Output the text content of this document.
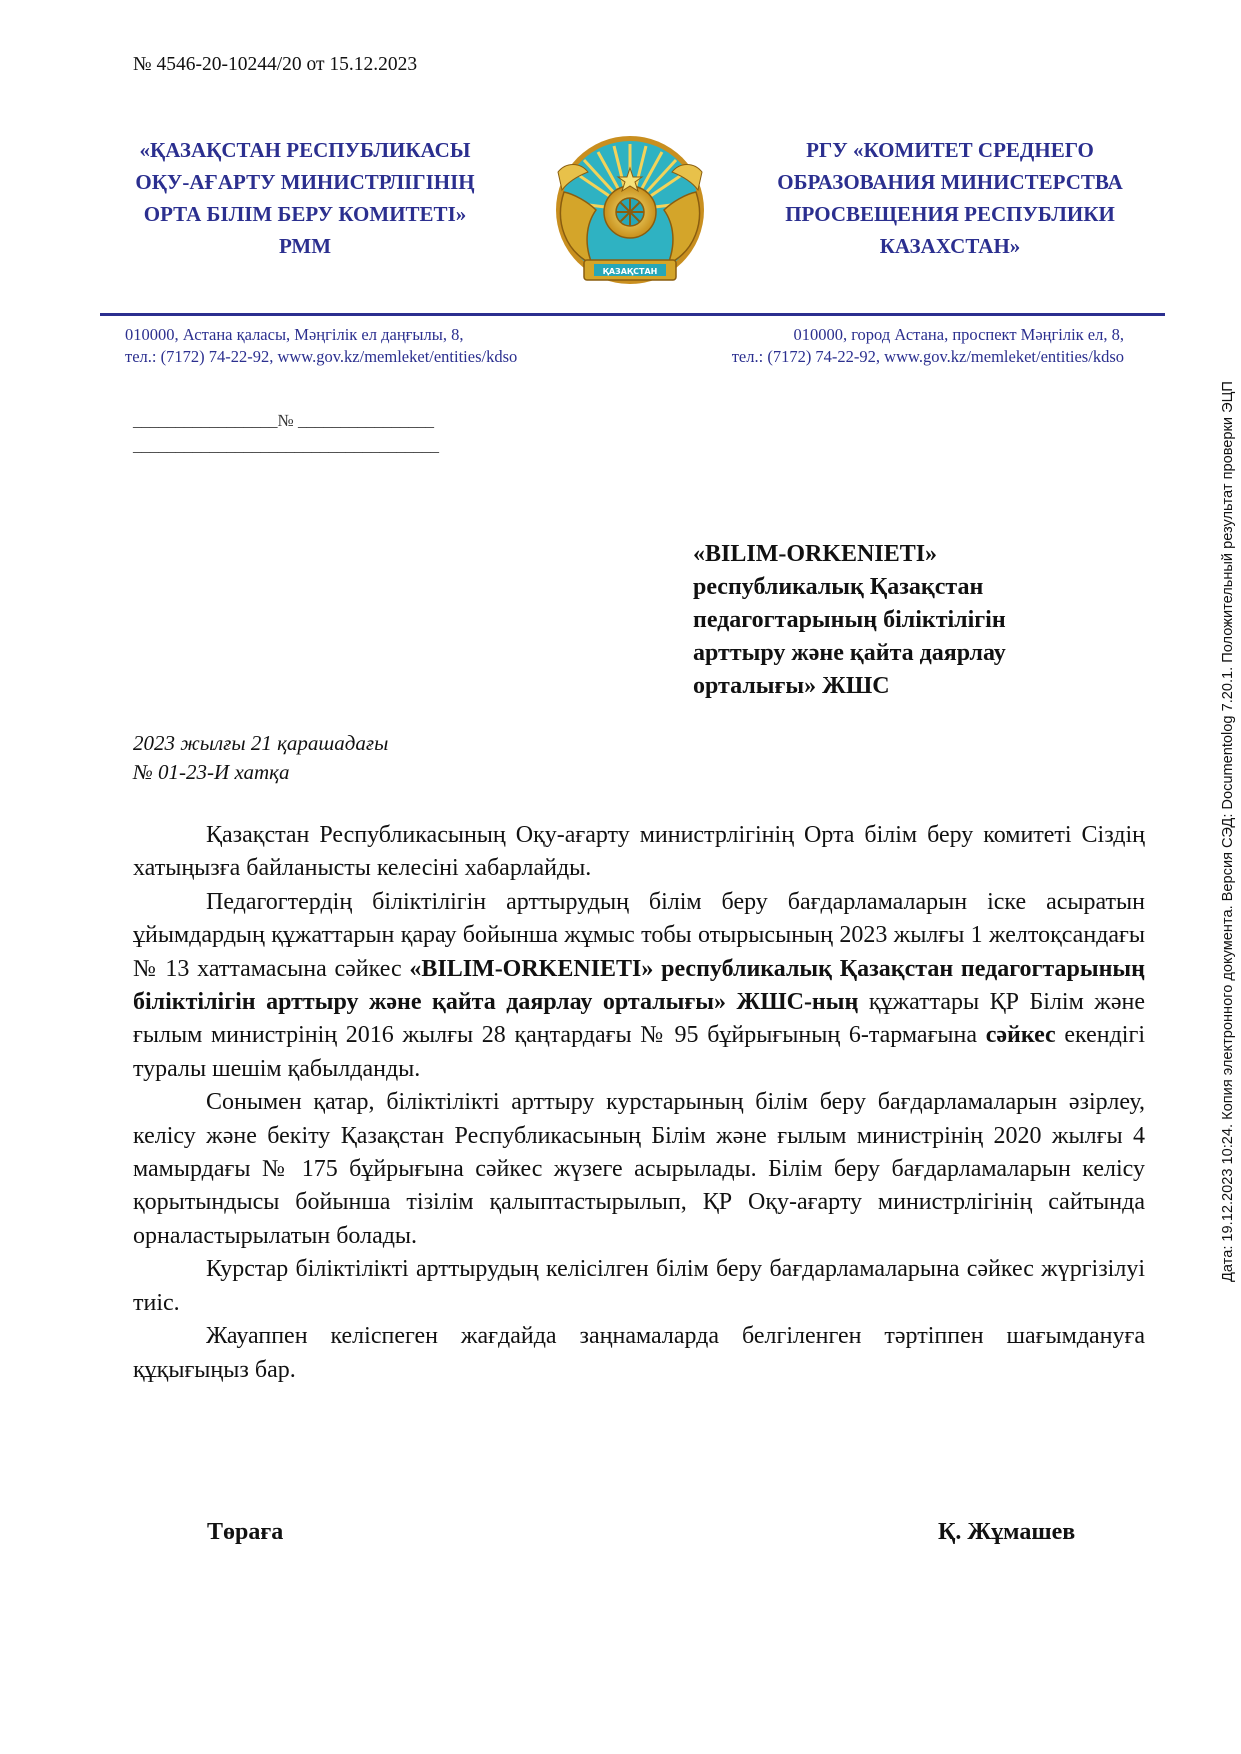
№ 4546-20-10244/20 от 15.12.2023
«ҚАЗАҚСТАН РЕСПУБЛИКАСЫ
ОҚУ-АҒАРТУ МИНИСТРЛІГІНІҢ
ОРТА БІЛІМ БЕРУ КОМИТЕТІ»
РММ
ҚАЗАҚСТАН
РГУ «КОМИТЕТ СРЕДНЕГО
ОБРАЗОВАНИЯ МИНИСТЕРСТВА
ПРОСВЕЩЕНИЯ РЕСПУБЛИКИ
КАЗАХСТАН»
010000, Астана қаласы, Мәңгілік ел даңғылы, 8,
тел.: (7172) 74-22-92, www.gov.kz/memleket/entities/kdso
010000, город Астана, проспект Мәңгілік ел, 8,
тел.: (7172) 74-22-92, www.gov.kz/memleket/entities/kdso
_________________№ ________________
____________________________________
«BILIM-ORKENIETI»
республикалық Қазақстан
педагогтарының біліктілігін
арттыру және қайта даярлау
орталығы» ЖШС
2023 жылғы 21 қарашадағы
№ 01-23-И хатқа

Қазақстан Республикасының Оқу-ағарту министрлігінің Орта білім беру комитеті Сіздің хатыңызға байланысты келесіні хабарлайды.

Педагогтердің біліктілігін арттырудың білім беру бағдарламаларын іске асыратын ұйымдардың құжаттарын қарау бойынша жұмыс тобы отырысының 2023 жылғы 1 желтоқсандағы № 13 хаттамасына сәйкес «BILIM-ORKENIETI» республикалық Қазақстан педагогтарының біліктілігін арттыру және қайта даярлау орталығы» ЖШС-ның құжаттары ҚР Білім және ғылым министрінің 2016 жылғы 28 қаңтардағы № 95 бұйрығының 6-тармағына сәйкес екендігі туралы шешім қабылданды.

Сонымен қатар, біліктілікті арттыру курстарының білім беру бағдарламаларын әзірлеу, келісу және бекіту Қазақстан Республикасының Білім және ғылым министрінің 2020 жылғы 4 мамырдағы № 175 бұйрығына сәйкес жүзеге асырылады. Білім беру бағдарламаларын келісу қорытындысы бойынша тізілім қалыптастырылып, ҚР Оқу-ағарту министрлігінің сайтында орналастырылатын болады.

Курстар біліктілікті арттырудың келісілген білім беру бағдарламаларына сәйкес жүргізілуі тиіс.

Жауаппен келіспеген жағдайда заңнамаларда белгіленген тәртіппен шағымдануға құқығыңыз бар.

Төраға	Қ. Жұмашев
Дата: 19.12.2023 10:24. Копия электронного документа. Версия СЭД: Documentolog 7.20.1. Положительный результат проверки ЭЦП
